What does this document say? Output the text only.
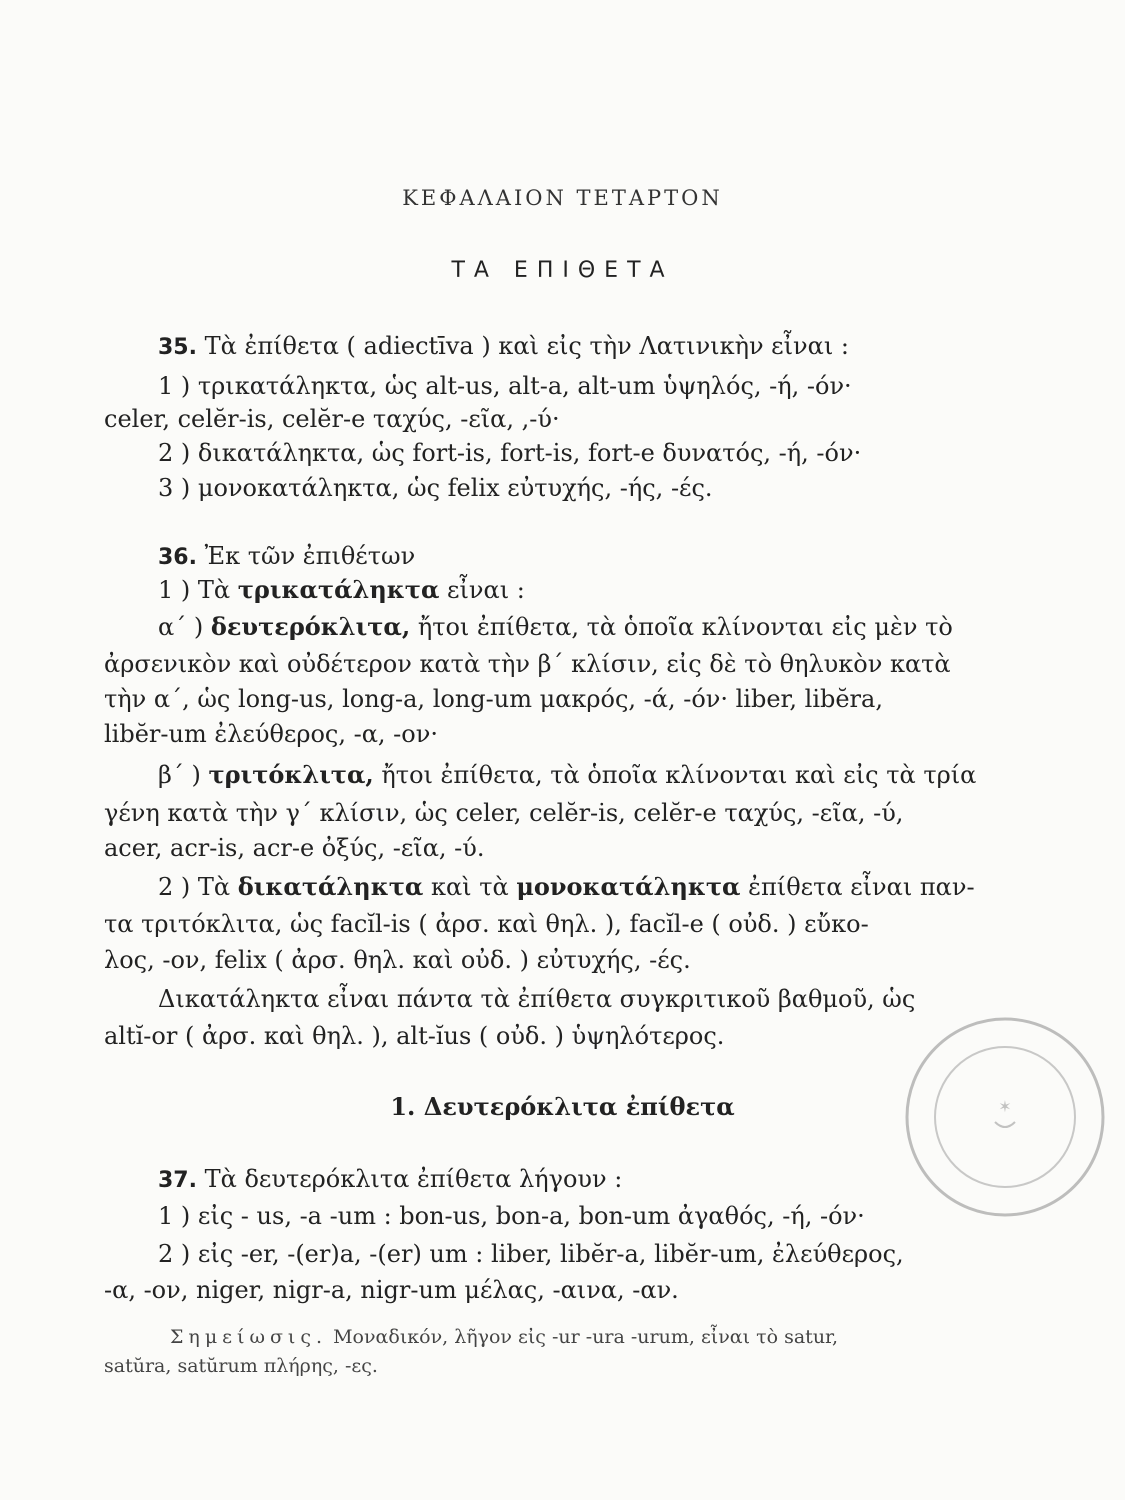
ΚΕΦΑΛΑΙΟΝ ΤΕΤΑΡΤΟΝ
ΤΑ ΕΠΙΘΕΤΑ
35. Τὰ ἐπίθετα ( adiectīva ) καὶ εἰς τὴν Λατινικὴν εἶναι :
1 ) τρικατάληκτα, ὡς alt-us, alt-a, alt-um ὑψηλός, -ή, -όν·
celer, celĕr-is, celĕr-e ταχύς, -εῖα, ,-ύ·
2 ) δικατάληκτα, ὡς fort-is, fort-is, fort-e δυνατός, -ή, -όν·
3 ) μονοκατάληκτα, ὡς felix εὐτυχής, -ής, -ές.
36. Ἐκ τῶν ἐπιθέτων
1 ) Τὰ τρικατάληκτα εἶναι :
α΄ ) δευτερόκλιτα, ἤτοι ἐπίθετα, τὰ ὁποῖα κλίνονται εἰς μὲν τὸ
ἀρσενικὸν καὶ οὐδέτερον κατὰ τὴν β΄ κλίσιν, εἰς δὲ τὸ θηλυκὸν κατὰ
τὴν α΄, ὡς long-us, long-a, long-um μακρός, -ά, -όν· liber, libĕra,
libĕr-um ἐλεύθερος, -α, -ον·
β΄ ) τριτόκλιτα, ἤτοι ἐπίθετα, τὰ ὁποῖα κλίνονται καὶ εἰς τὰ τρία
γένη κατὰ τὴν γ΄ κλίσιν, ὡς celer, celĕr-is, celĕr-e ταχύς, -εῖα, -ύ,
acer, acr-is, acr-e ὀξύς, -εῖα, -ύ.
2 ) Τὰ δικατάληκτα καὶ τὰ μονοκατάληκτα ἐπίθετα εἶναι παν-
τα τριτόκλιτα, ὡς facĭl-is ( ἀρσ. καὶ θηλ. ), facĭl-e ( οὐδ. ) εὔκο-
λος, -ον, felix ( ἀρσ. θηλ. καὶ οὐδ. ) εὐτυχής, -ές.
Δικατάληκτα εἶναι πάντα τὰ ἐπίθετα συγκριτικοῦ βαθμοῦ, ὡς
altĭ-or ( ἀρσ. καὶ θηλ. ), alt-ĭus ( οὐδ. ) ὑψηλότερος.
1. Δευτερόκλιτα ἐπίθετα
37. Τὰ δευτερόκλιτα ἐπίθετα λήγουν :
1 ) εἰς - us, -a -um : bon-us, bon-a, bon-um ἀγαθός, -ή, -όν·
2 ) εἰς -er, -(er)a, -(er) um : liber, libĕr-a, libĕr-um, ἐλεύθερος,
-α, -ον, niger, nigr-a, nigr-um μέλας, -αινα, -αν.
Σημείωσις. Μοναδικόν, λῆγον εἰς -ur -ura -urum, εἶναι τὸ satur,
satŭra, satŭrum πλήρης, -ες.
✶
